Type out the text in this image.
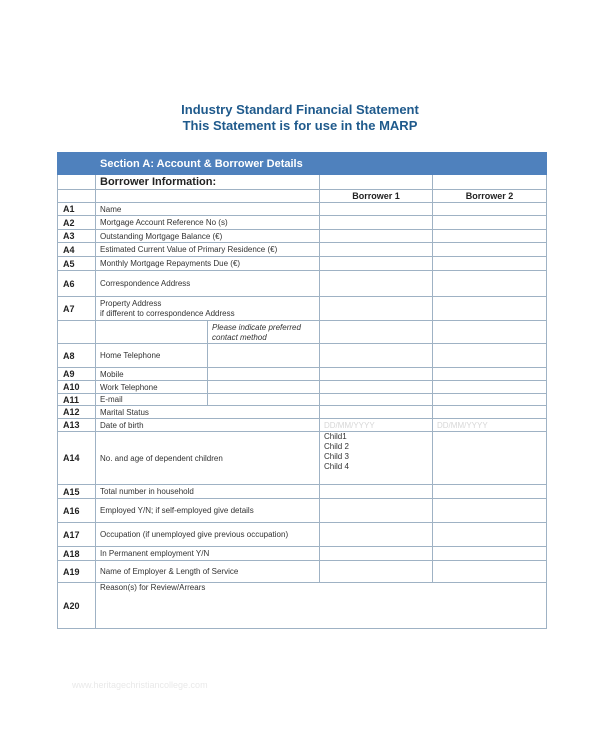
Industry Standard Financial Statement
This Statement is for use in the MARP
	Section A: Account & Borrower Details			
	Borrower Information:			
			Borrower 1	Borrower 2
A1	Name			
A2	Mortgage Account Reference No (s)			
A3	Outstanding Mortgage Balance (€)			
A4	Estimated Current Value of Primary Residence (€)			
A5	Monthly Mortgage Repayments Due (€)			
A6	Correspondence Address			
A7	Property Address
if different to correspondence Address			

		Please indicate preferred
contact method		
A8	Home Telephone			
A9	Mobile			
A10	Work Telephone			
A11	E-mail			
A12	Marital Status			
A13	Date of birth		DD/MM/YYYY	DD/MM/YYYY
A14	No. and age of dependent children		Child1
Child 2
Child 3
Child 4	

A15	Total number in household			
A16	Employed Y/N; if self-employed give details			
A17	Occupation (if unemployed give previous occupation)			
A18	In Permanent employment Y/N			
A19	Name of Employer & Length of Service			
A20	Reason(s) for Review/Arrears			
www.heritagechristiancollege.com
